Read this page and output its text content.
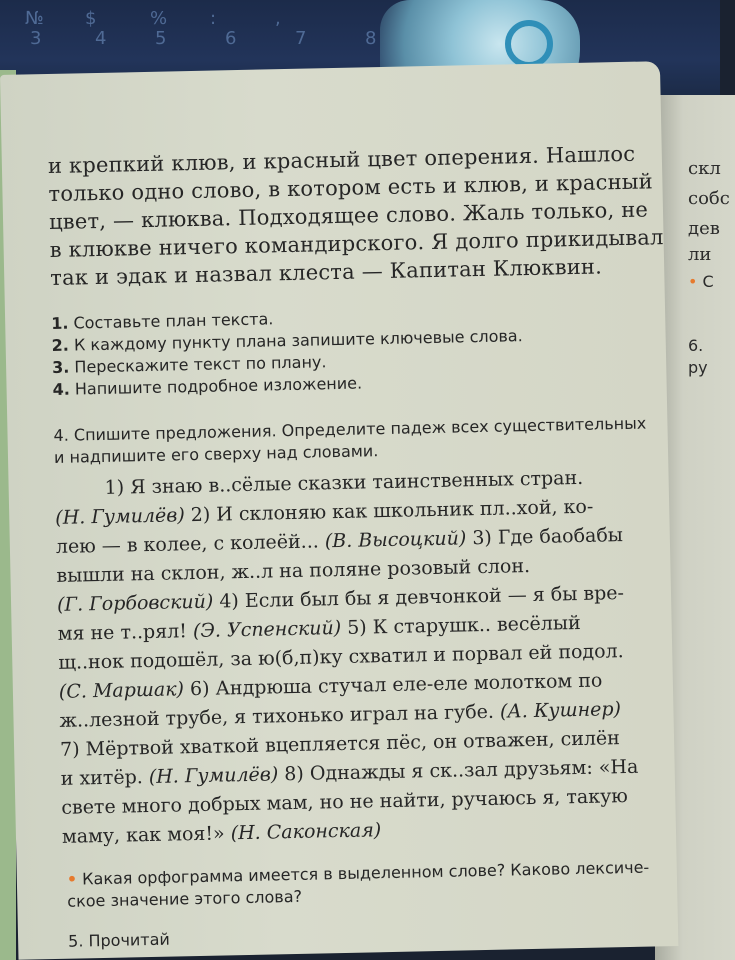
№ $	% :	,
3	4	5	6	7	8
скл
собс
дев
ли
• С
6.
ру
и крепкий клюв, и красный цвет оперения. Нашлос
только одно слово, в котором есть и клюв, и красный
цвет, — клюква. Подходящее слово. Жаль только, не
в клюкве ничего командирского. Я долго прикидывал
так и эдак и назвал клеста — Капитан Клюквин.
1. Составьте план текста.
2. К каждому пункту плана запишите ключевые слова.
3. Перескажите текст по плану.
4. Напишите подробное изложение.
4. Спишите предложения. Определите падеж всех существительных
и надпишите его сверху над словами.
1) Я знаю в..сёлые сказки таинственных стран.
(Н. Гумилёв) 2) И склоняю как школьник пл..хой, ко-
лею — в колее, с колеёй... (В. Высоцкий) 3) Где баобабы
вышли на склон, ж..л на поляне розовый слон.
(Г. Горбовский) 4) Если был бы я девчонкой — я бы вре-
мя не т..рял! (Э. Успенский) 5) К старушк.. весёлый
щ..нок подошёл, за ю(б,п)ку схватил и порвал ей подол.
(С. Маршак) 6) Андрюша стучал еле-еле молотком по
ж..лезной трубе, я тихонько играл на губе. (А. Кушнер)
7) Мёртвой хваткой вцепляется пёс, он отважен, силён
и хитёр. (Н. Гумилёв) 8) Однажды я ск..зал друзьям: «На
свете много добрых мам, но не найти, ручаюсь я, такую
маму, как моя!» (Н. Саконская)
• Какая орфограмма имеется в выделенном слове? Каково лексиче-
ское значение этого слова?
5. Прочитай
